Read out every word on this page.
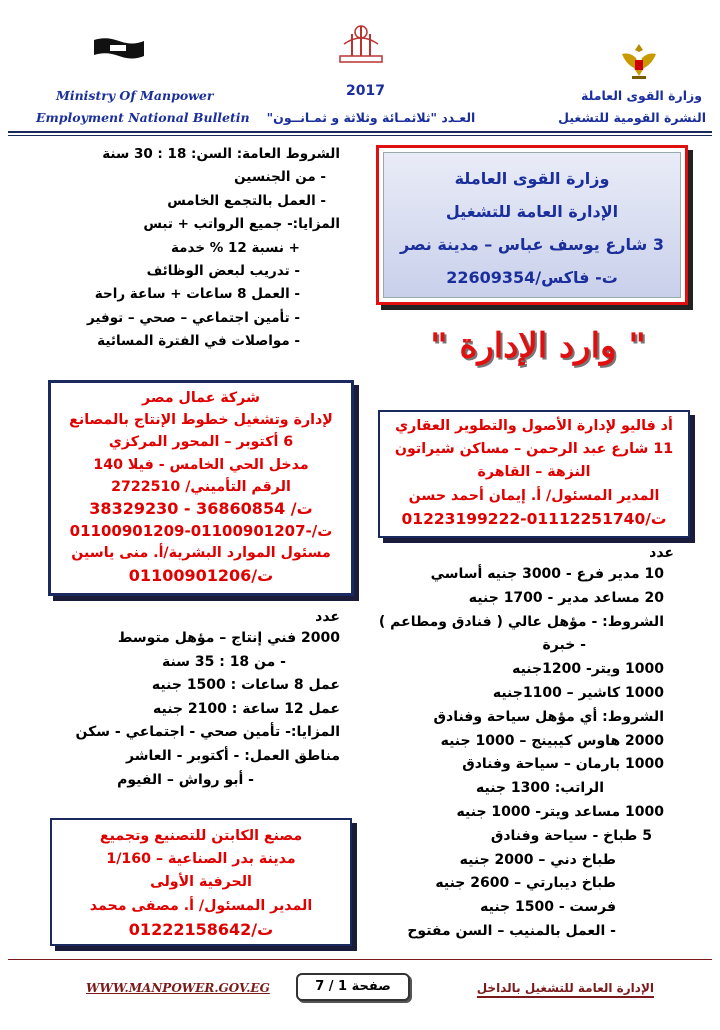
Ministry Of Manpower	2017	وزارة القوى العاملة
Employment National Bulletin	العـدد "ثلاثمـائة وثلاثة و ثمـانــون"	النشرة القومية للتشغيل
الشروط العامة: السن: 18 : 30 سنة
- من الجنسين
- العمل بالتجمع الخامس
المزايا:- جميع الرواتب + تبس
+ نسبة 12 % خدمة
- تدريب لبعض الوظائف
- العمل 8 ساعات + ساعة راحة
- تأمين اجتماعي – صحي – توفير
- مواصلات في الفترة المسائية
وزارة القوى العاملة
الإدارة العامة للتشغيل
3 شارع يوسف عباس – مدينة نصر
ت- فاكس/22609354
" وارد الإدارة "
شركة عمال مصر
لإدارة وتشغيل خطوط الإنتاج بالمصانع
6 أكتوبر – المحور المركزي
مدخل الحي الخامس - فيلا 140
الرقم التأميني/ 2722510
ت/ 36860854 - 38329230
ت/-01100901207-01100901209
مسئول الموارد البشرية/أ. منى ياسين
ت/01100901206
أد فاليو لإدارة الأصول والتطوير العقاري
11 شارع عبد الرحمن – مساكن شيراتون
النزهة – القاهرة
المدير المسئول/ أ. إيمان أحمد حسن
ت/01112251740-01223199222
عدد
10 مدير فرع - 3000 جنيه أساسي
20 مساعد مدير - 1700 جنيه
الشروط: - مؤهل عالي ( فنادق ومطاعم )
- خبرة
1000 ويتر- 1200جنيه
1000 كاشير – 1100جنيه
الشروط: أي مؤهل سياحة وفنادق
2000 هاوس كيبينج – 1000 جنيه
1000 بارمان – سياحة وفنادق
الراتب: 1300 جنيه
1000 مساعد ويتر- 1000 جنيه
5 طباخ - سياحة وفنادق
طباخ دني – 2000 جنيه
طباخ ديبارتي – 2600 جنيه
فرست - 1500 جنيه
- العمل بالمنيب – السن مفتوح
عدد
2000 فني إنتاج – مؤهل متوسط
- من 18 : 35 سنة
عمل 8 ساعات : 1500 جنيه
عمل 12 ساعة : 2100 جنيه
المزايا:- تأمين صحي - اجتماعي - سكن
مناطق العمل: - أكتوبر - العاشر
- أبو رواش – الفيوم
مصنع الكابتن للتصنيع وتجميع
مدينة بدر الصناعية – 1/160
الحرفية الأولى
المدير المسئول/ أ. مصفى محمد
ت/01222158642
WWW.MANPOWER.GOV.EG	صفحة 1 / 7	الإدارة العامة للتشغيل بالداخل
